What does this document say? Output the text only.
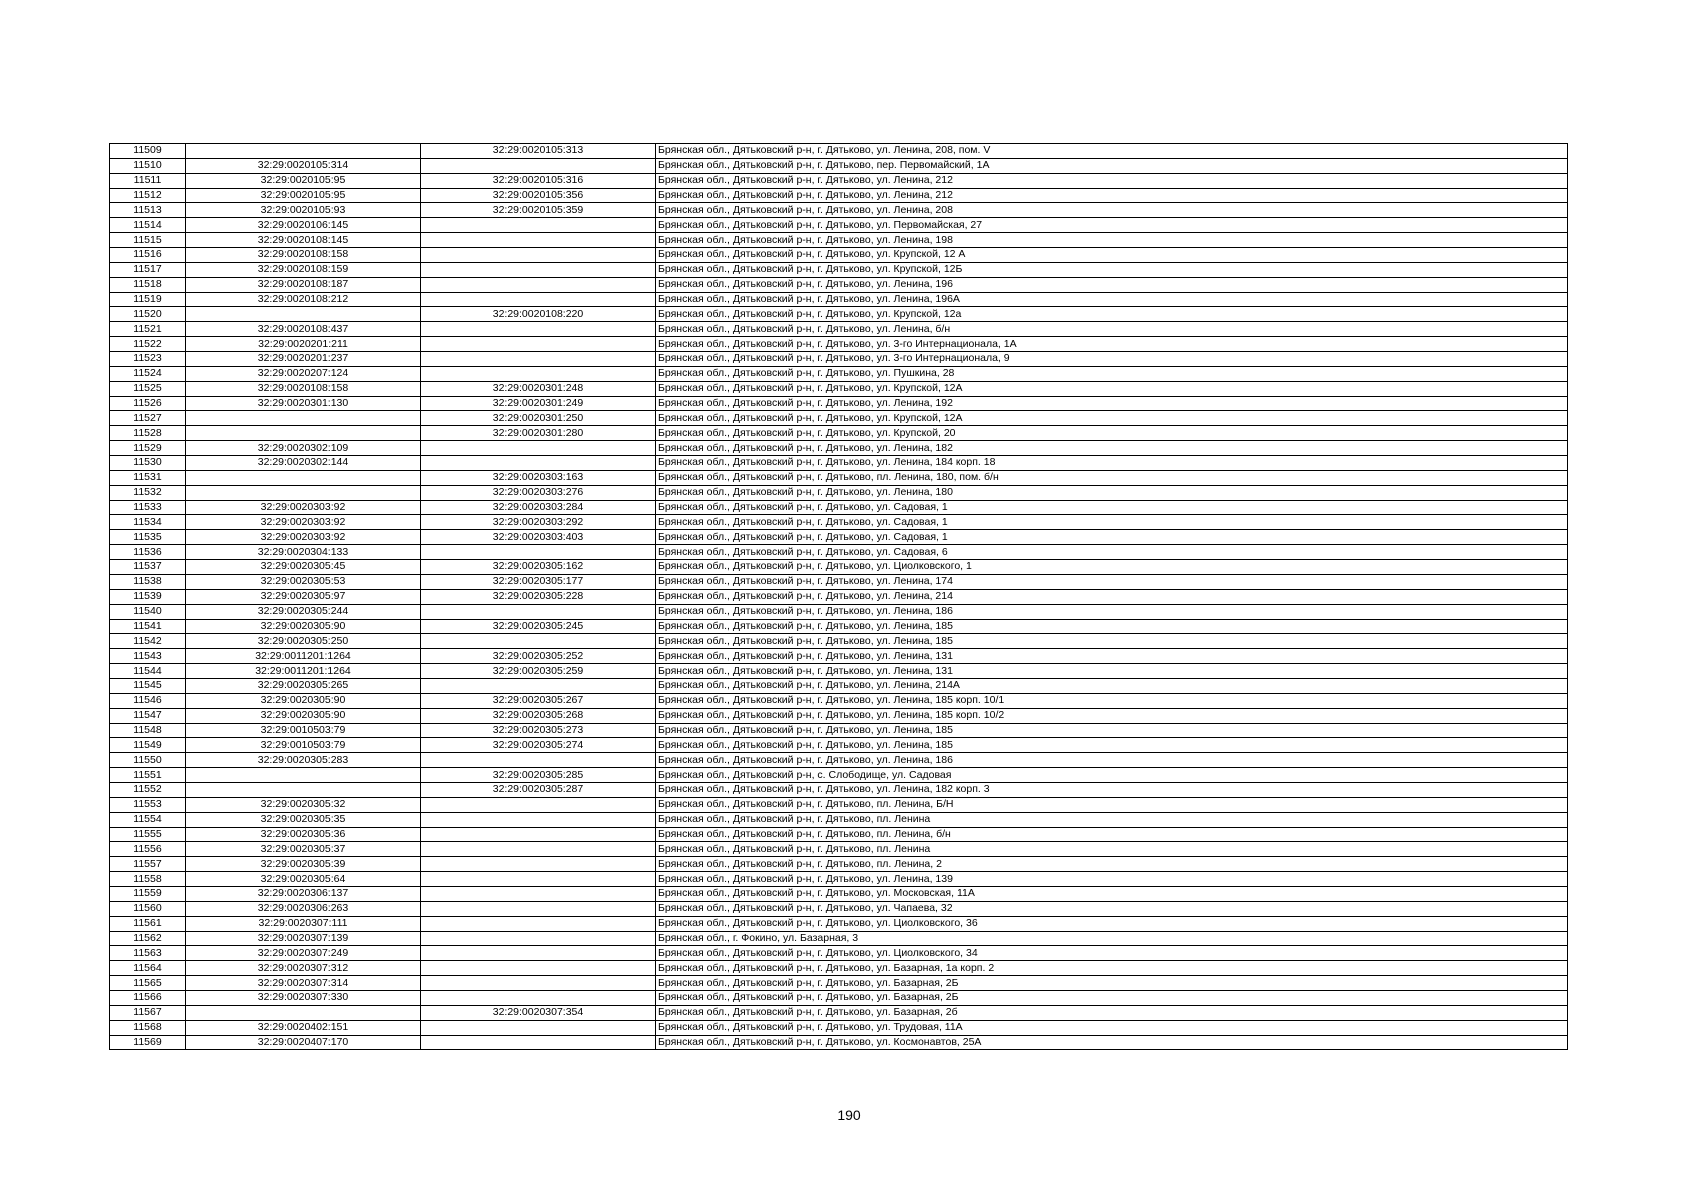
11509		32:29:0020105:313	Брянская обл., Дятьковский р-н, г. Дятьково, ул. Ленина, 208, пом. V
11510	32:29:0020105:314		Брянская обл., Дятьковский р-н, г. Дятьково, пер. Первомайский, 1А
11511	32:29:0020105:95	32:29:0020105:316	Брянская обл., Дятьковский р-н, г. Дятьково, ул. Ленина, 212
11512	32:29:0020105:95	32:29:0020105:356	Брянская обл., Дятьковский р-н, г. Дятьково, ул. Ленина, 212
11513	32:29:0020105:93	32:29:0020105:359	Брянская обл., Дятьковский р-н, г. Дятьково, ул. Ленина, 208
11514	32:29:0020106:145		Брянская обл., Дятьковский р-н, г. Дятьково, ул. Первомайская, 27
11515	32:29:0020108:145		Брянская обл., Дятьковский р-н, г. Дятьково, ул. Ленина, 198
11516	32:29:0020108:158		Брянская обл., Дятьковский р-н, г. Дятьково, ул. Крупской, 12 А
11517	32:29:0020108:159		Брянская обл., Дятьковский р-н, г. Дятьково, ул. Крупской, 12Б
11518	32:29:0020108:187		Брянская обл., Дятьковский р-н, г. Дятьково, ул. Ленина, 196
11519	32:29:0020108:212		Брянская обл., Дятьковский р-н, г. Дятьково, ул. Ленина, 196А
11520		32:29:0020108:220	Брянская обл., Дятьковский р-н, г. Дятьково, ул. Крупской, 12а
11521	32:29:0020108:437		Брянская обл., Дятьковский р-н, г. Дятьково, ул. Ленина, б/н
11522	32:29:0020201:211		Брянская обл., Дятьковский р-н, г. Дятьково, ул. 3-го Интернационала, 1А
11523	32:29:0020201:237		Брянская обл., Дятьковский р-н, г. Дятьково, ул. 3-го Интернационала, 9
11524	32:29:0020207:124		Брянская обл., Дятьковский р-н, г. Дятьково, ул. Пушкина, 28
11525	32:29:0020108:158	32:29:0020301:248	Брянская обл., Дятьковский р-н, г. Дятьково, ул. Крупской, 12А
11526	32:29:0020301:130	32:29:0020301:249	Брянская обл., Дятьковский р-н, г. Дятьково, ул. Ленина, 192
11527		32:29:0020301:250	Брянская обл., Дятьковский р-н, г. Дятьково, ул. Крупской, 12А
11528		32:29:0020301:280	Брянская обл., Дятьковский р-н, г. Дятьково, ул. Крупской, 20
11529	32:29:0020302:109		Брянская обл., Дятьковский р-н, г. Дятьково, ул. Ленина, 182
11530	32:29:0020302:144		Брянская обл., Дятьковский р-н, г. Дятьково, ул. Ленина, 184 корп. 18
11531		32:29:0020303:163	Брянская обл., Дятьковский р-н, г. Дятьково, пл. Ленина, 180, пом. б/н
11532		32:29:0020303:276	Брянская обл., Дятьковский р-н, г. Дятьково, ул. Ленина, 180
11533	32:29:0020303:92	32:29:0020303:284	Брянская обл., Дятьковский р-н, г. Дятьково, ул. Садовая, 1
11534	32:29:0020303:92	32:29:0020303:292	Брянская обл., Дятьковский р-н, г. Дятьково, ул. Садовая, 1
11535	32:29:0020303:92	32:29:0020303:403	Брянская обл., Дятьковский р-н, г. Дятьково, ул. Садовая, 1
11536	32:29:0020304:133		Брянская обл., Дятьковский р-н, г. Дятьково, ул. Садовая, 6
11537	32:29:0020305:45	32:29:0020305:162	Брянская обл., Дятьковский р-н, г. Дятьково, ул. Циолковского, 1
11538	32:29:0020305:53	32:29:0020305:177	Брянская обл., Дятьковский р-н, г. Дятьково, ул. Ленина, 174
11539	32:29:0020305:97	32:29:0020305:228	Брянская обл., Дятьковский р-н, г. Дятьково, ул. Ленина, 214
11540	32:29:0020305:244		Брянская обл., Дятьковский р-н, г. Дятьково, ул. Ленина, 186
11541	32:29:0020305:90	32:29:0020305:245	Брянская обл., Дятьковский р-н, г. Дятьково, ул. Ленина, 185
11542	32:29:0020305:250		Брянская обл., Дятьковский р-н, г. Дятьково, ул. Ленина, 185
11543	32:29:0011201:1264	32:29:0020305:252	Брянская обл., Дятьковский р-н, г. Дятьково, ул. Ленина, 131
11544	32:29:0011201:1264	32:29:0020305:259	Брянская обл., Дятьковский р-н, г. Дятьково, ул. Ленина, 131
11545	32:29:0020305:265		Брянская обл., Дятьковский р-н, г. Дятьково, ул. Ленина, 214А
11546	32:29:0020305:90	32:29:0020305:267	Брянская обл., Дятьковский р-н, г. Дятьково, ул. Ленина, 185 корп. 10/1
11547	32:29:0020305:90	32:29:0020305:268	Брянская обл., Дятьковский р-н, г. Дятьково, ул. Ленина, 185 корп. 10/2
11548	32:29:0010503:79	32:29:0020305:273	Брянская обл., Дятьковский р-н, г. Дятьково, ул. Ленина, 185
11549	32:29:0010503:79	32:29:0020305:274	Брянская обл., Дятьковский р-н, г. Дятьково, ул. Ленина, 185
11550	32:29:0020305:283		Брянская обл., Дятьковский р-н, г. Дятьково, ул. Ленина, 186
11551		32:29:0020305:285	Брянская обл., Дятьковский р-н, с. Слободище, ул. Садовая
11552		32:29:0020305:287	Брянская обл., Дятьковский р-н, г. Дятьково, ул. Ленина, 182 корп. 3
11553	32:29:0020305:32		Брянская обл., Дятьковский р-н, г. Дятьково, пл. Ленина, Б/Н
11554	32:29:0020305:35		Брянская обл., Дятьковский р-н, г. Дятьково, пл. Ленина
11555	32:29:0020305:36		Брянская обл., Дятьковский р-н, г. Дятьково, пл. Ленина, б/н
11556	32:29:0020305:37		Брянская обл., Дятьковский р-н, г. Дятьково, пл. Ленина
11557	32:29:0020305:39		Брянская обл., Дятьковский р-н, г. Дятьково, пл. Ленина, 2
11558	32:29:0020305:64		Брянская обл., Дятьковский р-н, г. Дятьково, ул. Ленина, 139
11559	32:29:0020306:137		Брянская обл., Дятьковский р-н, г. Дятьково, ул. Московская, 11А
11560	32:29:0020306:263		Брянская обл., Дятьковский р-н, г. Дятьково, ул. Чапаева, 32
11561	32:29:0020307:111		Брянская обл., Дятьковский р-н, г. Дятьково, ул. Циолковского, 36
11562	32:29:0020307:139		Брянская обл., г. Фокино, ул. Базарная, 3
11563	32:29:0020307:249		Брянская обл., Дятьковский р-н, г. Дятьково, ул. Циолковского, 34
11564	32:29:0020307:312		Брянская обл., Дятьковский р-н, г. Дятьково, ул. Базарная, 1а корп. 2
11565	32:29:0020307:314		Брянская обл., Дятьковский р-н, г. Дятьково, ул. Базарная, 2Б
11566	32:29:0020307:330		Брянская обл., Дятьковский р-н, г. Дятьково, ул. Базарная, 2Б
11567		32:29:0020307:354	Брянская обл., Дятьковский р-н, г. Дятьково, ул. Базарная, 2б
11568	32:29:0020402:151		Брянская обл., Дятьковский р-н, г. Дятьково, ул. Трудовая, 11А
11569	32:29:0020407:170		Брянская обл., Дятьковский р-н, г. Дятьково, ул. Космонавтов, 25А
190
